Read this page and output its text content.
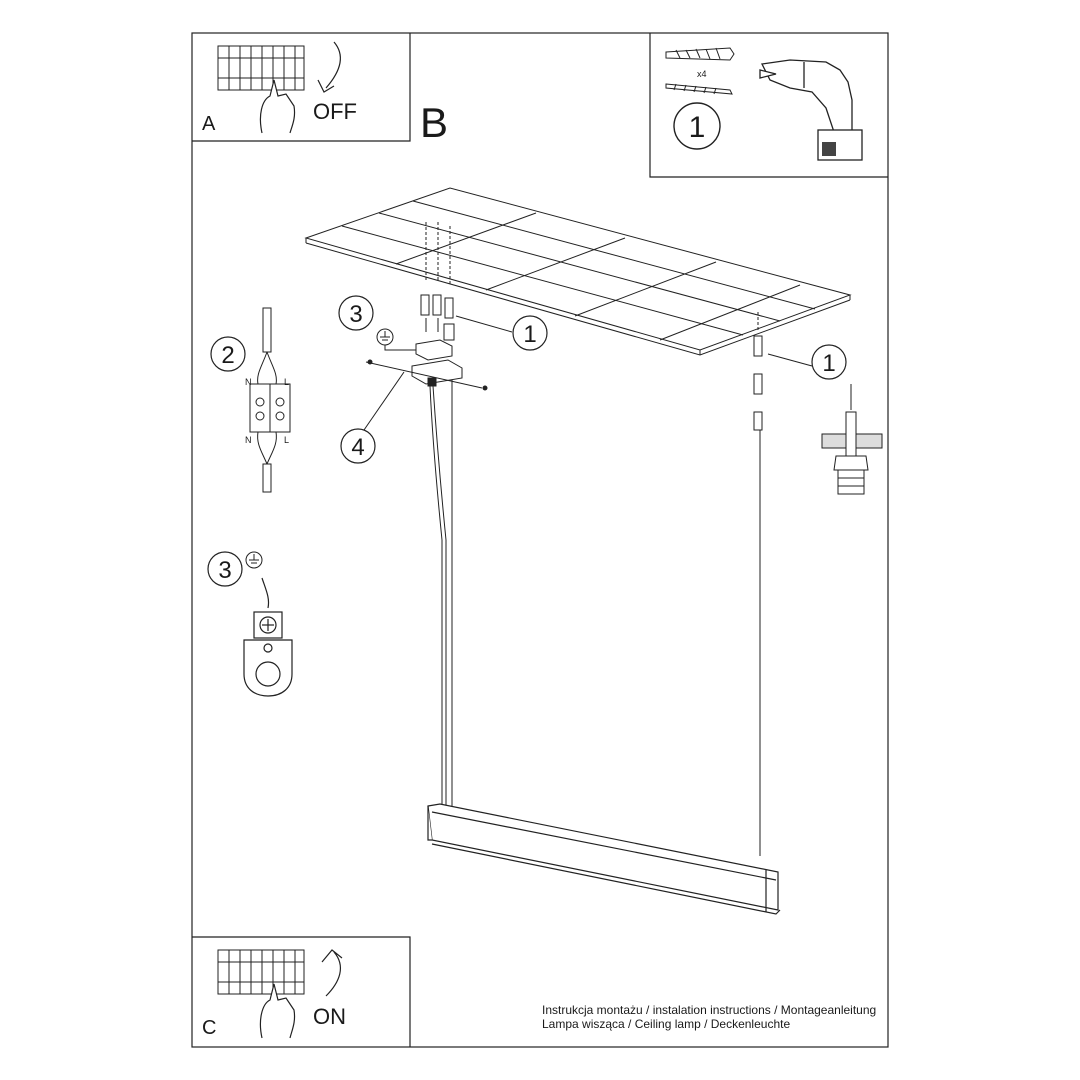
A	OFF B
x4
1
1
3
4
1
2
N	L
N	L
3
C	ON	Instrukcja montażu / instalation instructions / Montageanleitung
Lampa wisząca / Ceiling lamp / Deckenleuchte
